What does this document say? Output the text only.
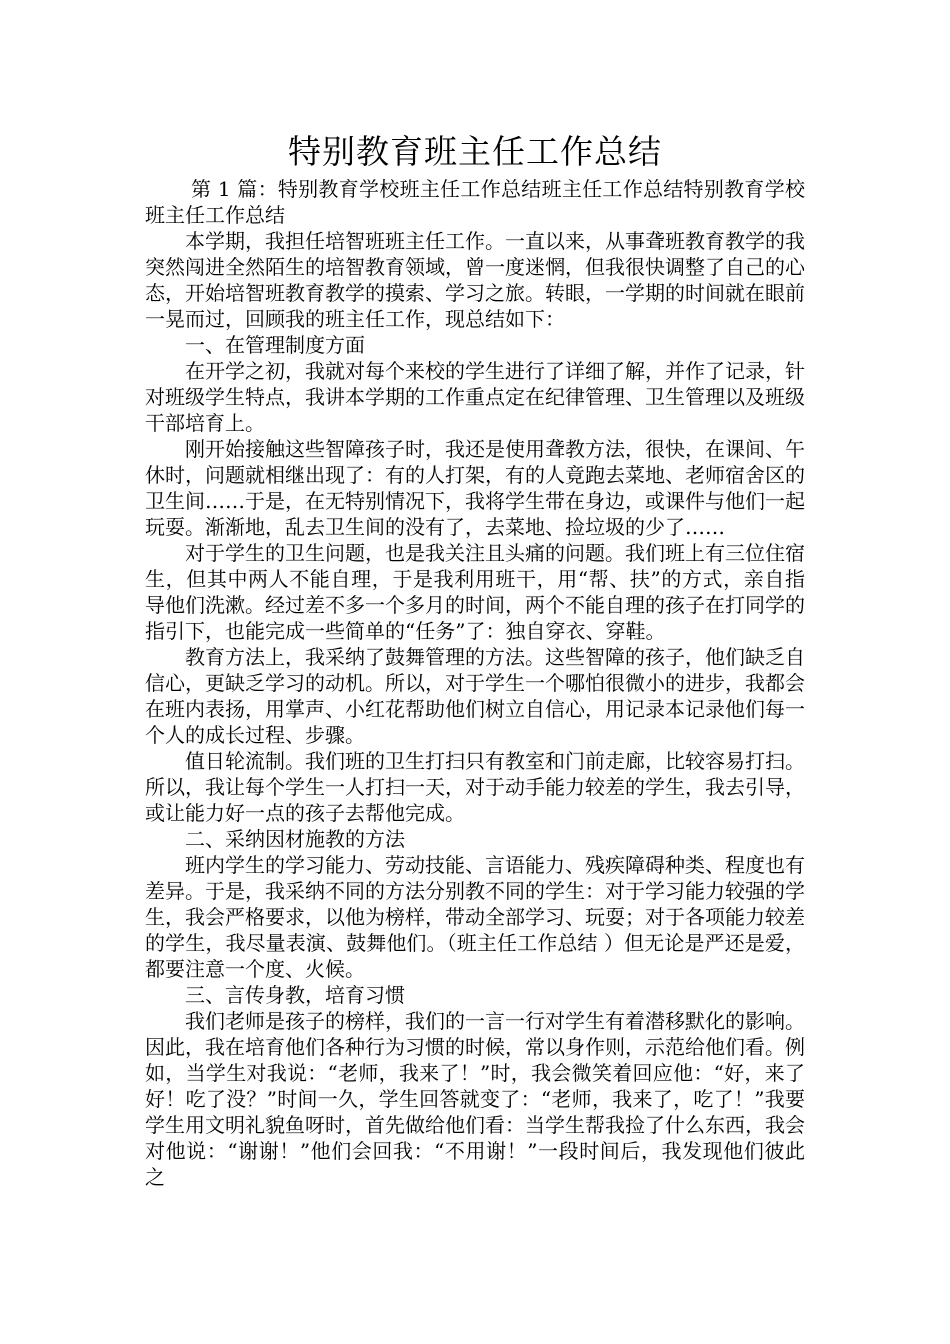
特别教育班主任工作总结

第 1 篇：特别教育学校班主任工作总结班主任工作总结特别教育学校班主任工作总结

本学期，我担任培智班班主任工作。一直以来，从事聋班教育教学的我突然闯进全然陌生的培智教育领域，曾一度迷惘，但我很快调整了自己的心态，开始培智班教育教学的摸索、学习之旅。转眼，一学期的时间就在眼前一晃而过，回顾我的班主任工作，现总结如下：

一、在管理制度方面

在开学之初，我就对每个来校的学生进行了详细了解，并作了记录，针对班级学生特点，我讲本学期的工作重点定在纪律管理、卫生管理以及班级干部培育上。

刚开始接触这些智障孩子时，我还是使用聋教方法，很快，在课间、午休时，问题就相继出现了：有的人打架，有的人竟跑去菜地、老师宿舍区的卫生间……于是，在无特别情况下，我将学生带在身边，或课件与他们一起玩耍。渐渐地，乱去卫生间的没有了，去菜地、捡垃圾的少了……

对于学生的卫生问题，也是我关注且头痛的问题。我们班上有三位住宿生，但其中两人不能自理，于是我利用班干，用“帮、扶”的方式，亲自指导他们洗漱。经过差不多一个多月的时间，两个不能自理的孩子在打同学的指引下，也能完成一些简单的“任务”了：独自穿衣、穿鞋。

教育方法上，我采纳了鼓舞管理的方法。这些智障的孩子，他们缺乏自信心，更缺乏学习的动机。所以，对于学生一个哪怕很微小的进步，我都会在班内表扬，用掌声、小红花帮助他们树立自信心，用记录本记录他们每一个人的成长过程、步骤。

值日轮流制。我们班的卫生打扫只有教室和门前走廊，比较容易打扫。所以，我让每个学生一人打扫一天，对于动手能力较差的学生，我去引导，或让能力好一点的孩子去帮他完成。

二、采纳因材施教的方法

班内学生的学习能力、劳动技能、言语能力、残疾障碍种类、程度也有差异。于是，我采纳不同的方法分别教不同的学生：对于学习能力较强的学生，我会严格要求，以他为榜样，带动全部学习、玩耍；对于各项能力较差的学生，我尽量表演、鼓舞他们。（班主任工作总结 ）但无论是严还是爱，都要注意一个度、火候。

三、言传身教，培育习惯

我们老师是孩子的榜样，我们的一言一行对学生有着潜移默化的影响。因此，我在培育他们各种行为习惯的时候，常以身作则，示范给他们看。例如，当学生对我说：“老师，我来了！”时，我会微笑着回应他：“好，来了好！吃了没？”时间一久，学生回答就变了：“老师，我来了，吃了！”我要学生用文明礼貌鱼呀时，首先做给他们看：当学生帮我捡了什么东西，我会对他说：“谢谢！”他们会回我：“不用谢！”一段时间后，我发现他们彼此之
